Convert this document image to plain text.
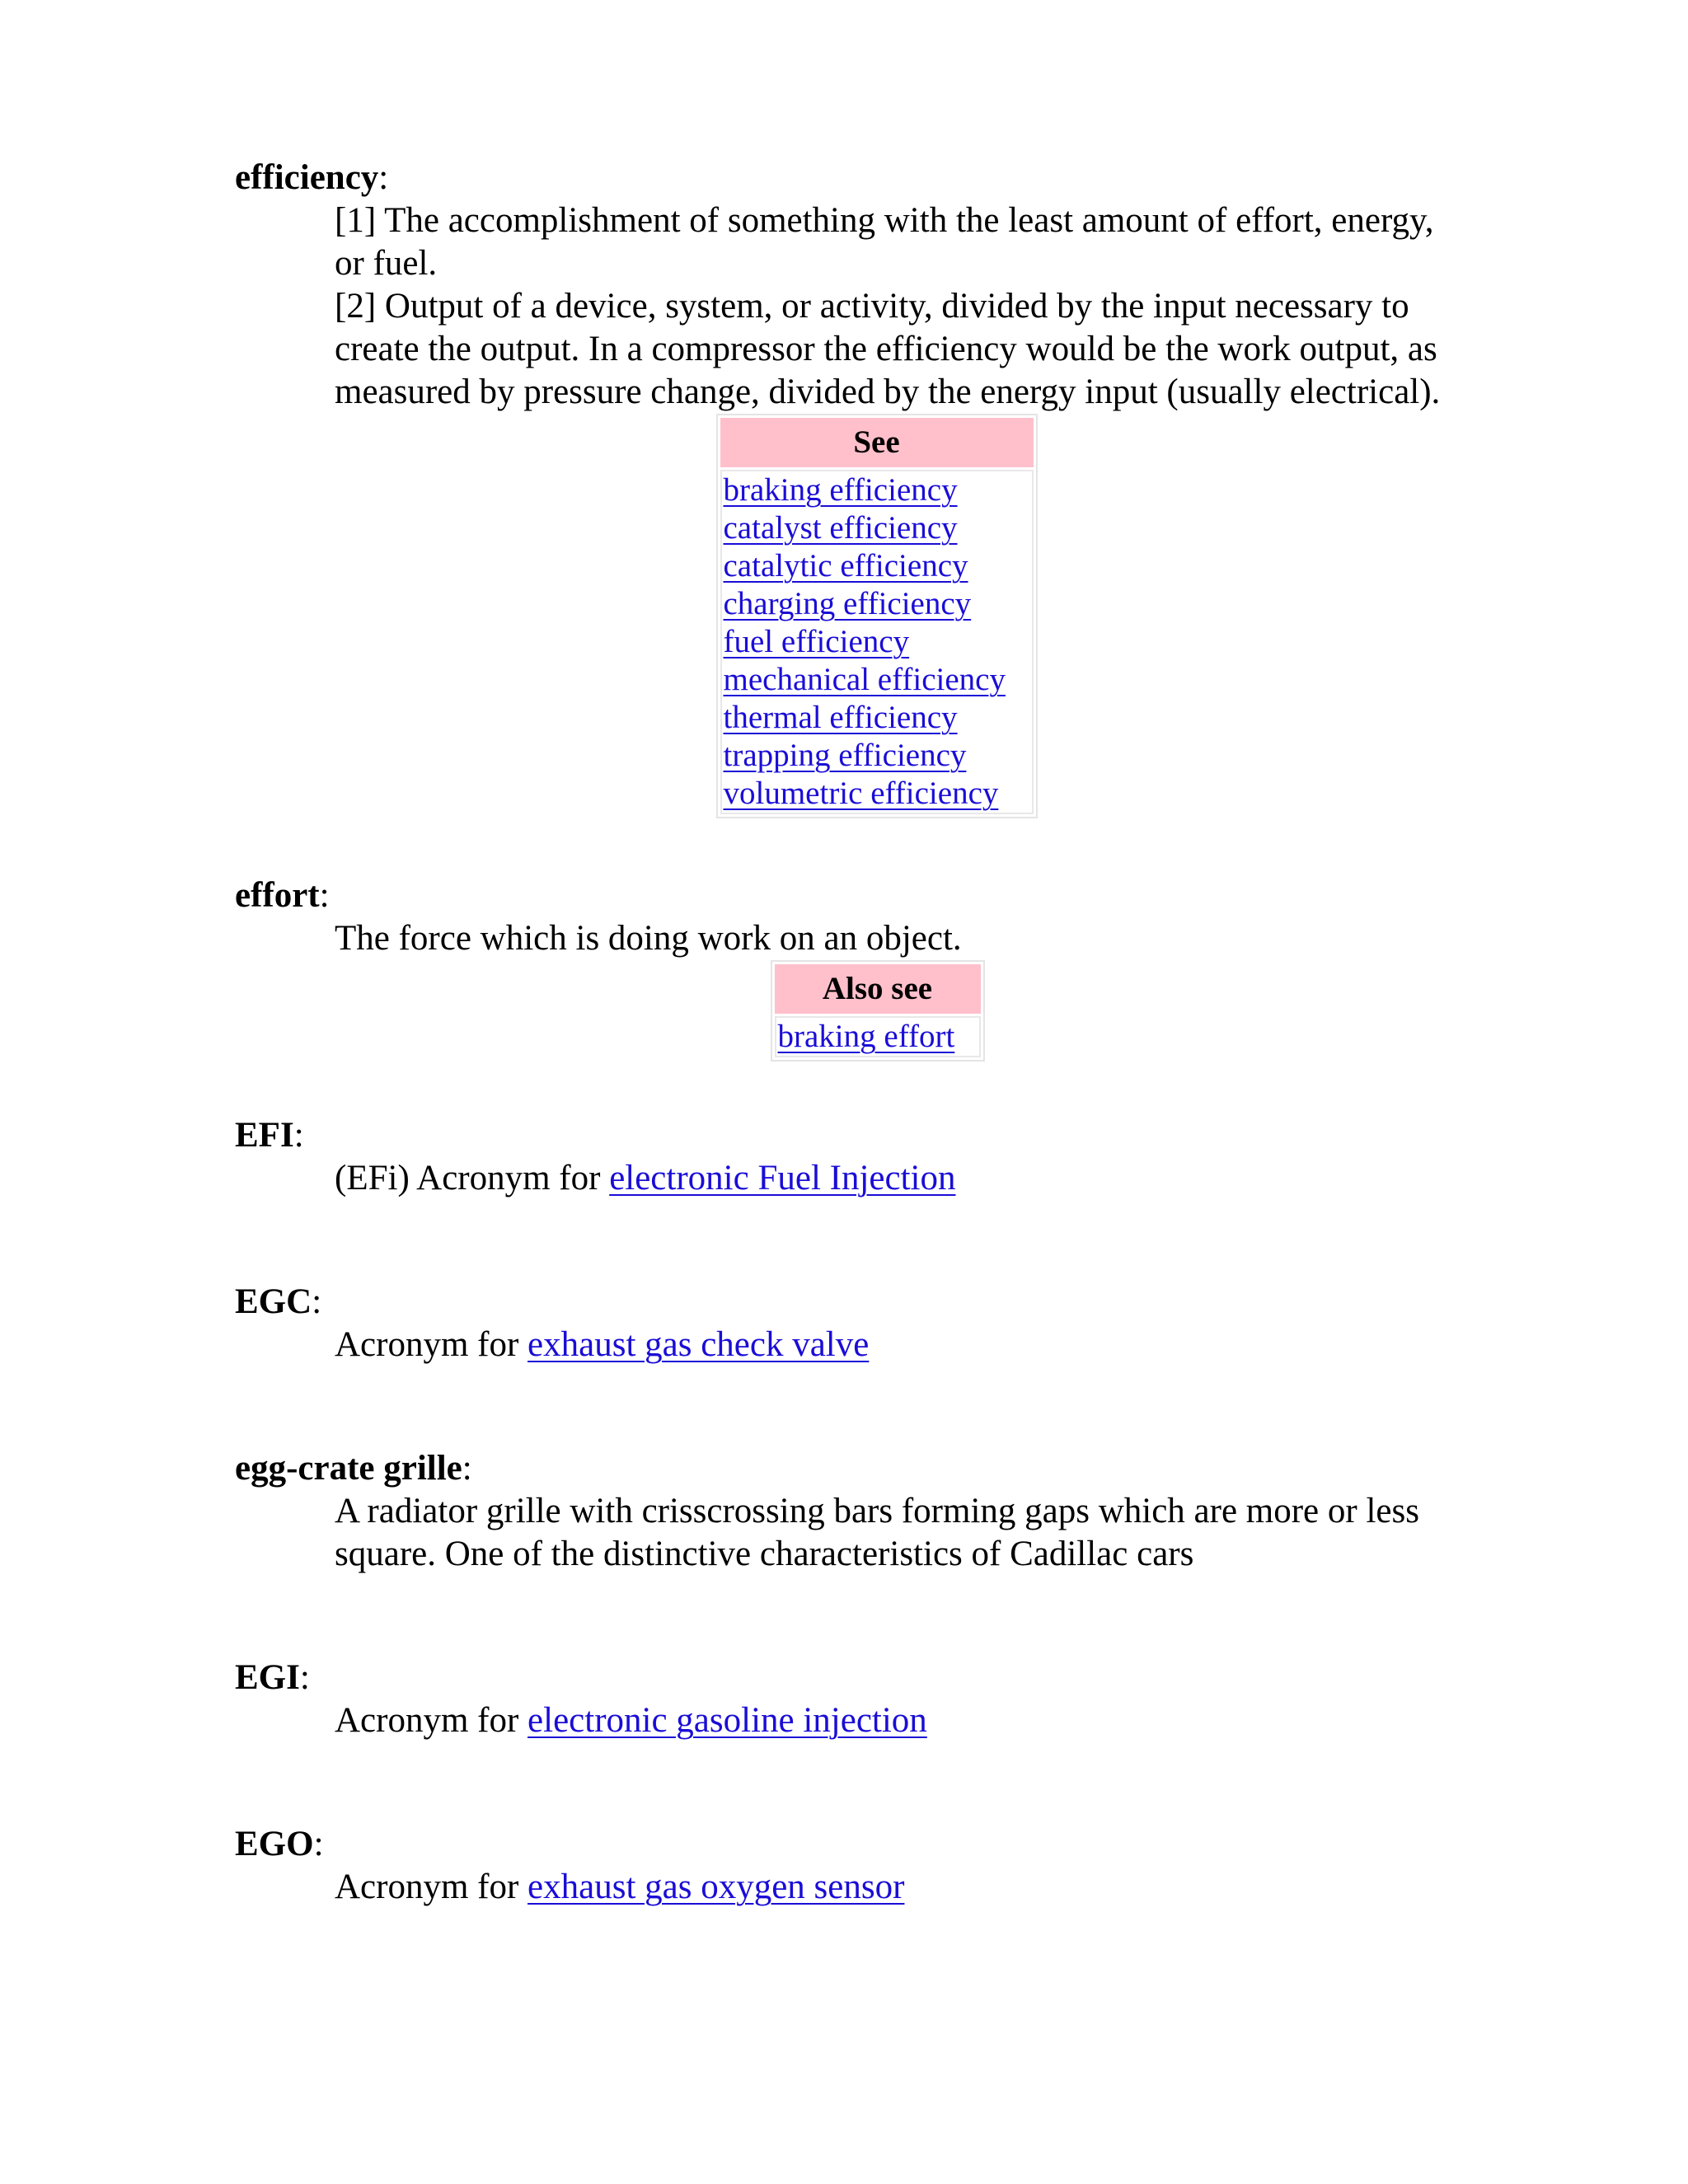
efficiency:

[1] The accomplishment of something with the least amount of effort, energy, or fuel.

[2] Output of a device, system, or activity, divided by the input necessary to create the output. In a compressor the efficiency would be the work output, as measured by pressure change, divided by the energy input (usually electrical).

See

braking efficiency
catalyst efficiency
catalytic efficiency
charging efficiency
fuel efficiency
mechanical efficiency
thermal efficiency
trapping efficiency
volumetric efficiency
effort:

The force which is doing work on an object.

Also see

braking effort
EFI:

(EFi) Acronym for electronic Fuel Injection

EGC:

Acronym for exhaust gas check valve

egg-crate grille:

A radiator grille with crisscrossing bars forming gaps which are more or less square. One of the distinctive characteristics of Cadillac cars

EGI:

Acronym for electronic gasoline injection

EGO:

Acronym for exhaust gas oxygen sensor
